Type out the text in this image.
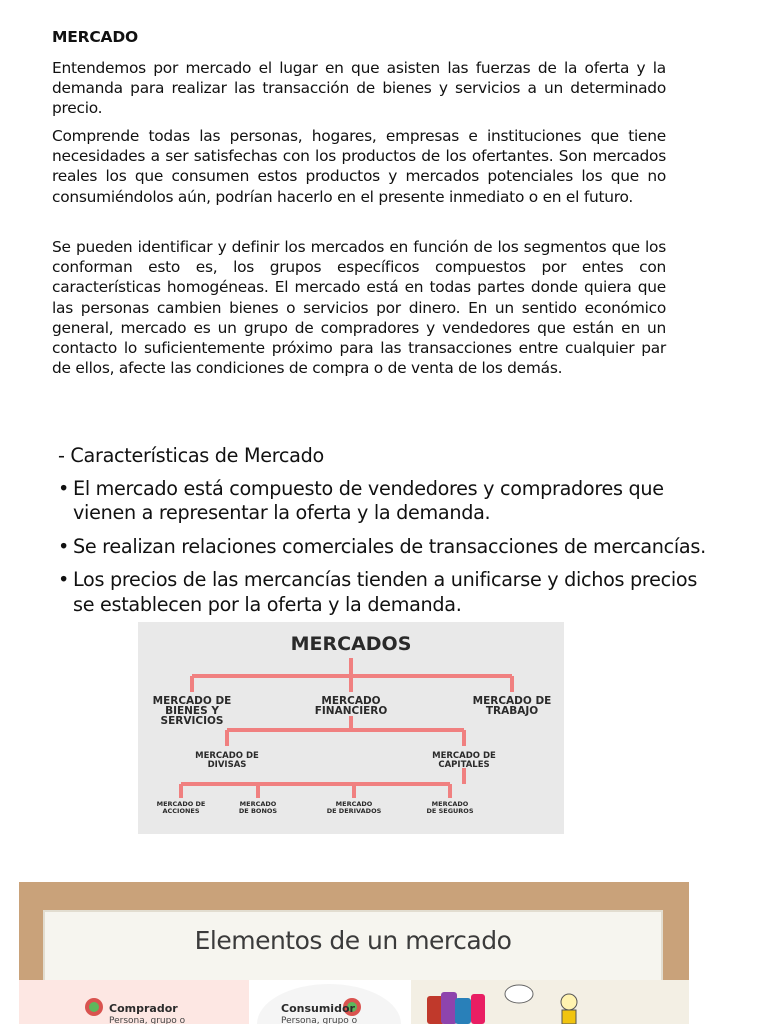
MERCADO

Entendemos por mercado el lugar en que asisten las fuerzas de la oferta y la demanda para realizar las transacción de bienes y servicios a un determinado precio.

Comprende todas las personas, hogares, empresas e instituciones que tiene necesidades a ser satisfechas con los productos de los ofertantes. Son mercados reales los que consumen estos productos y mercados potenciales los que no consumiéndolos aún, podrían hacerlo en el presente inmediato o en el futuro.

Se pueden identificar y definir los mercados en función de los segmentos que los conforman esto es, los grupos específicos compuestos por entes con características homogéneas. El mercado está en todas partes donde quiera que las personas cambien bienes o servicios por dinero. En un sentido económico general, mercado es un grupo de compradores y vendedores que están en un contacto lo suficientemente próximo para las transacciones entre cualquier par de ellos, afecte las condiciones de compra o de venta de los demás.

- Características de Mercado

• El mercado está compuesto de vendedores y compradores que vienen a representar la oferta y la demanda.
• Se realizan relaciones comerciales de transacciones de mercancías.
• Los precios de las mercancías tienden a unificarse y dichos precios se establecen por la oferta y la demanda.
MERCADOS
MERCADO DE
BIENES Y
SERVICIOS
MERCADO
FINANCIERO
MERCADO DE
TRABAJO
MERCADO DE
DIVISAS
MERCADO DE
CAPITALES
MERCADO DE
ACCIONES
MERCADO
DE BONOS
MERCADO
DE DERIVADOS
MERCADO
DE SEGUROS
Elementos de un mercado
Comprador
Persona, grupo o
Consumidor
Persona, grupo o
